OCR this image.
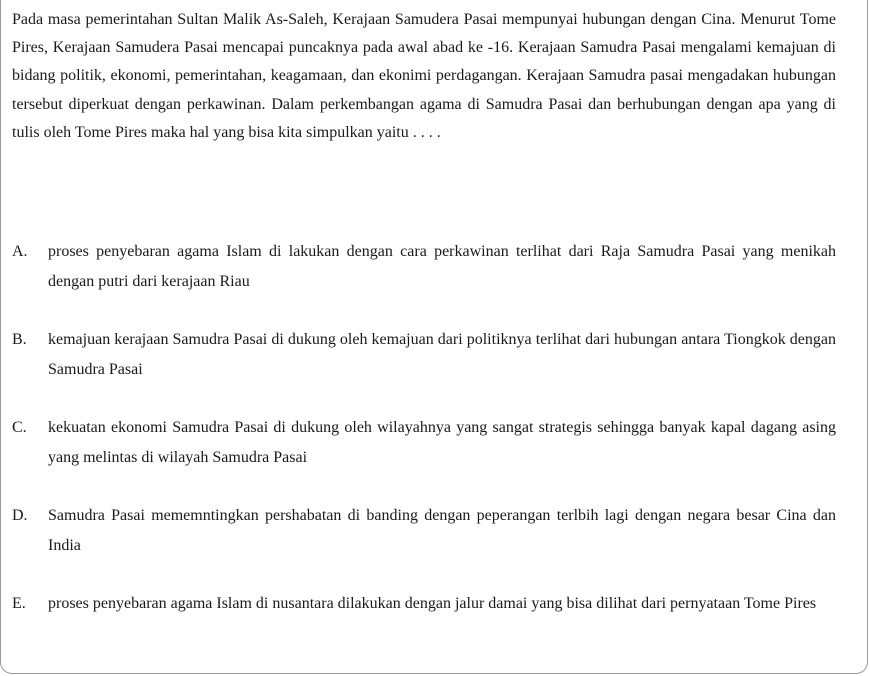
Pada masa pemerintahan Sultan Malik As-Saleh, Kerajaan Samudera Pasai mempunyai hubungan dengan Cina. Menurut Tome Pires, Kerajaan Samudera Pasai mencapai puncaknya pada awal abad ke -16. Kerajaan Samudra Pasai mengalami kemajuan di bidang politik, ekonomi, pemerintahan, keagamaan, dan ekonimi perdagangan. Kerajaan Samudra pasai mengadakan hubungan tersebut diperkuat dengan perkawinan. Dalam perkembangan agama di Samudra Pasai dan berhubungan dengan apa yang di tulis oleh Tome Pires maka hal yang bisa kita simpulkan yaitu . . . .

A.	proses penyebaran agama Islam di lakukan dengan cara perkawinan terlihat dari Raja Samudra Pasai yang menikah dengan putri dari kerajaan Riau
B.	kemajuan kerajaan Samudra Pasai di dukung oleh kemajuan dari politiknya terlihat dari hubungan antara Tiongkok dengan Samudra Pasai
C.	kekuatan ekonomi Samudra Pasai di dukung oleh wilayahnya yang sangat strategis sehingga banyak kapal dagang asing yang melintas di wilayah Samudra Pasai
D.	Samudra Pasai mememntingkan pershabatan di banding dengan peperangan terlbih lagi dengan negara besar Cina dan India
E.	proses penyebaran agama Islam di nusantara dilakukan dengan jalur damai yang bisa dilihat dari pernyataan Tome Pires
